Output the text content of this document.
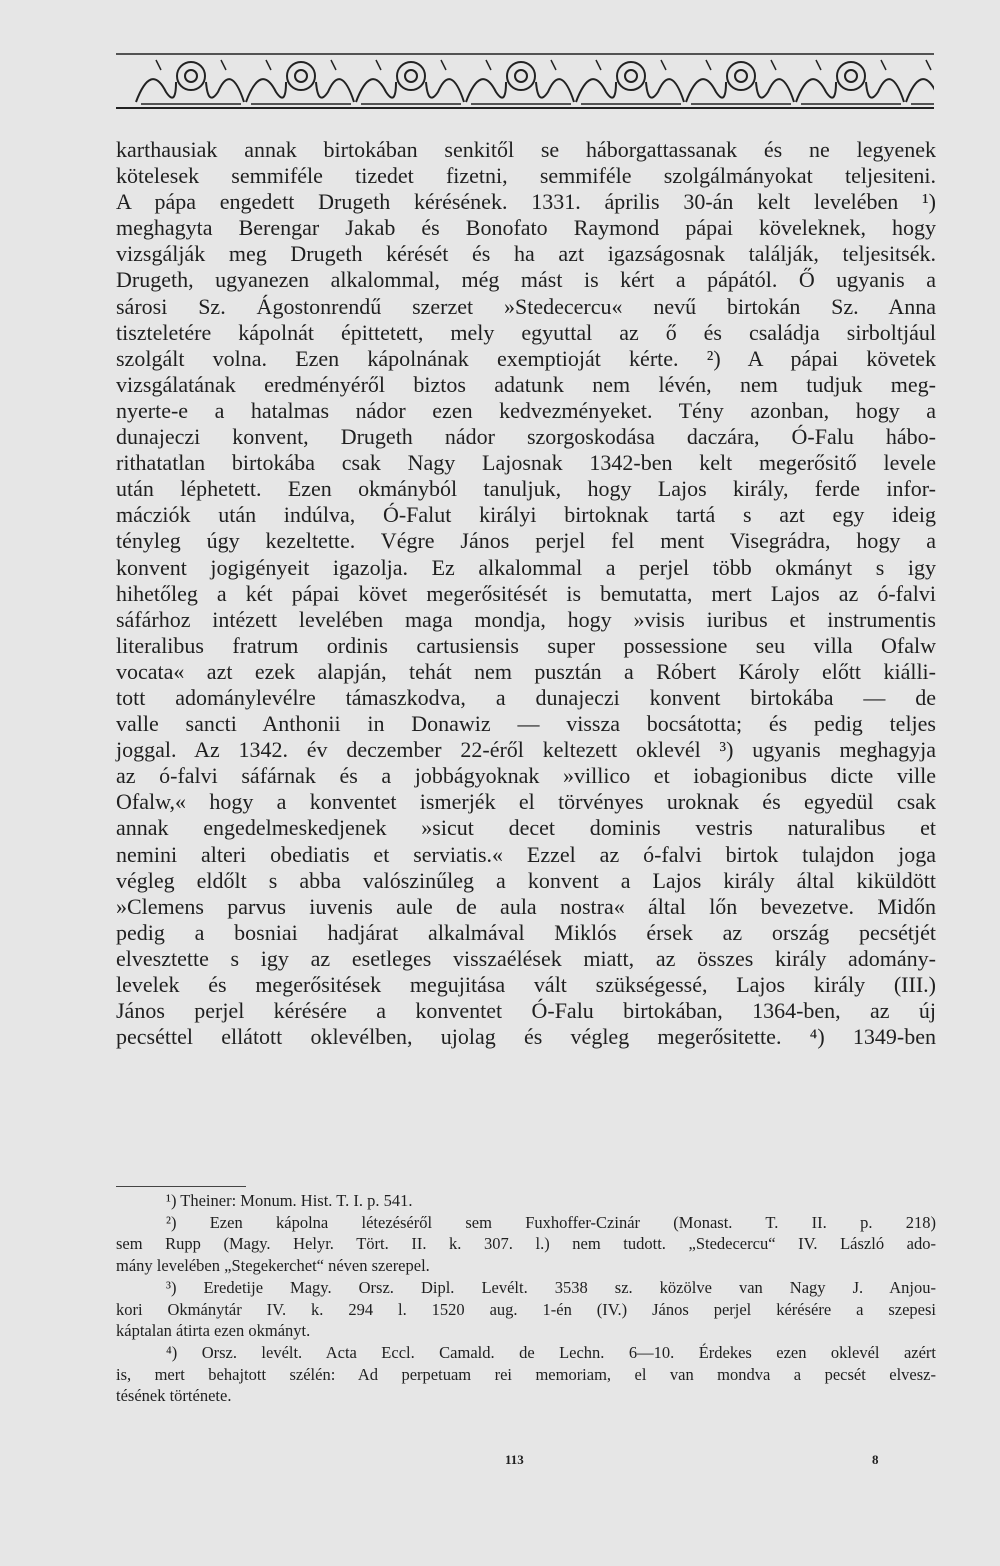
karthausiak annak birtokában senkitől se háborgattassanak és ne legyenek
kötelesek semmiféle tizedet fizetni, semmiféle szolgálmányokat teljesiteni.
A pápa engedett Drugeth kérésének. 1331. április 30-án kelt levelében ¹)
meghagyta Berengar Jakab és Bonofato Raymond pápai köveleknek, hogy
vizsgálják meg Drugeth kérését és ha azt igazságosnak találják, teljesitsék.
Drugeth, ugyanezen alkalommal, még mást is kért a pápától. Ő ugyanis a
sárosi Sz. Ágostonrendű szerzet »Stedecercu« nevű birtokán Sz. Anna
tiszteletére kápolnát épittetett, mely egyuttal az ő és családja sirboltjául
szolgált volna. Ezen kápolnának exemptioját kérte. ²) A pápai követek
vizsgálatának eredményéről biztos adatunk nem lévén, nem tudjuk meg-
nyerte-e a hatalmas nádor ezen kedvezményeket. Tény azonban, hogy a
dunajeczi konvent, Drugeth nádor szorgoskodása daczára, Ó-Falu hábo-
rithatatlan birtokába csak Nagy Lajosnak 1342-ben kelt megerősitő levele
után léphetett. Ezen okmányból tanuljuk, hogy Lajos király, ferde infor-
mácziók után indúlva, Ó-Falut királyi birtoknak tartá s azt egy ideig
tényleg úgy kezeltette. Végre János perjel fel ment Visegrádra, hogy a
konvent jogigényeit igazolja. Ez alkalommal a perjel több okmányt s igy
hihetőleg a két pápai követ megerősitését is bemutatta, mert Lajos az ó-falvi
sáfárhoz intézett levelében maga mondja, hogy »visis iuribus et instrumentis
literalibus fratrum ordinis cartusiensis super possessione seu villa Ofalw
vocata« azt ezek alapján, tehát nem pusztán a Róbert Károly előtt kiálli-
tott adománylevélre támaszkodva, a dunajeczi konvent birtokába — de
valle sancti Anthonii in Donawiz — vissza bocsátotta; és pedig teljes
joggal. Az 1342. év deczember 22-éről keltezett oklevél ³) ugyanis meghagyja
az ó-falvi sáfárnak és a jobbágyoknak »villico et iobagionibus dicte ville
Ofalw,« hogy a konventet ismerjék el törvényes uroknak és egyedül csak
annak engedelmeskedjenek »sicut decet dominis vestris naturalibus et
nemini alteri obediatis et serviatis.« Ezzel az ó-falvi birtok tulajdon joga
végleg eldőlt s abba valószinűleg a konvent a Lajos király által kiküldött
»Clemens parvus iuvenis aule de aula nostra« által lőn bevezetve. Midőn
pedig a bosniai hadjárat alkalmával Miklós érsek az ország pecsétjét
elvesztette s igy az esetleges visszaélések miatt, az összes király adomány-
levelek és megerősitések megujitása vált szükségessé, Lajos király (III.)
János perjel kérésére a konventet Ó-Falu birtokában, 1364-ben, az új
pecséttel ellátott oklevélben, ujolag és végleg megerősitette. ⁴) 1349-ben
¹) Theiner: Monum. Hist. T. I. p. 541.
²) Ezen kápolna létezéséről sem Fuxhoffer-Czinár (Monast. T. II. p. 218)
sem Rupp (Magy. Helyr. Tört. II. k. 307. l.) nem tudott. „Stedecercu“ IV. László ado-
mány levelében „Stegekerchet“ néven szerepel.
³) Eredetije Magy. Orsz. Dipl. Levélt. 3538 sz. közölve van Nagy J. Anjou-
kori Okmánytár IV. k. 294 l. 1520 aug. 1-én (IV.) János perjel kérésére a szepesi
káptalan átirta ezen okmányt.
⁴) Orsz. levélt. Acta Eccl. Camald. de Lechn. 6—10. Érdekes ezen oklevél azért
is, mert behajtott szélén: Ad perpetuam rei memoriam, el van mondva a pecsét elvesz-
tésének története.
113	8
